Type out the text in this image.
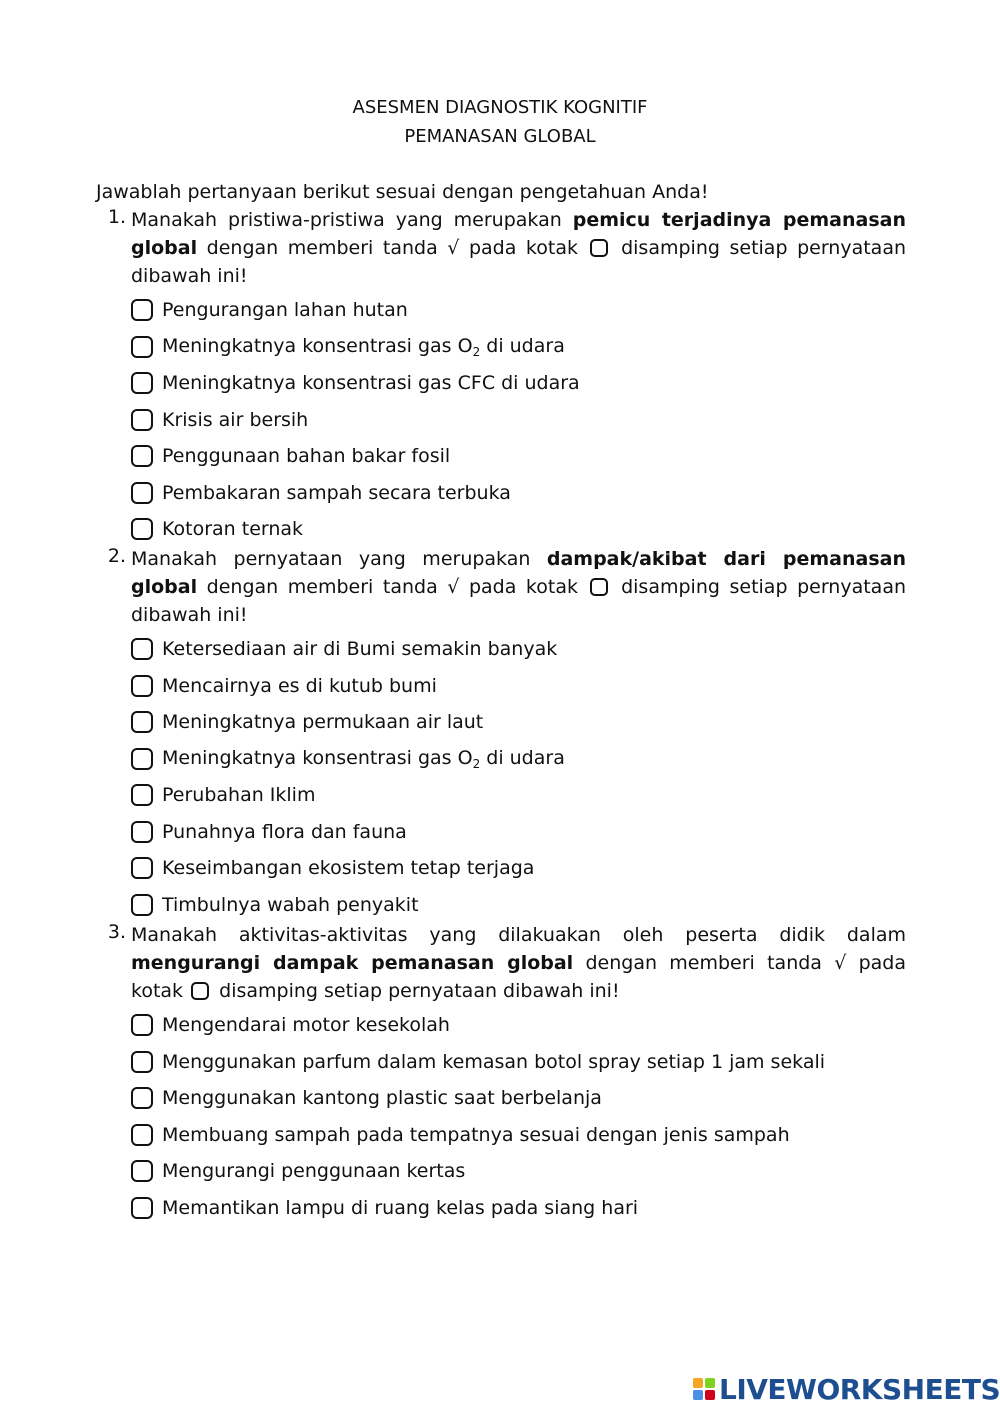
ASESMEN DIAGNOSTIK KOGNITIF
PEMANASAN GLOBAL
Jawablah pertanyaan berikut sesuai dengan pengetahuan Anda!
1. Manakah pristiwa-pristiwa yang merupakan pemicu terjadinya pemanasan global dengan memberi tanda √ pada kotak  disamping setiap pernyataan dibawah ini!
Pengurangan lahan hutan
Meningkatnya konsentrasi gas $O_2$ di udara
Meningkatnya konsentrasi gas CFC di udara
Krisis air bersih
Penggunaan bahan bakar fosil
Pembakaran sampah secara terbuka
Kotoran ternak
2. Manakah pernyataan yang merupakan dampak/akibat dari pemanasan global dengan memberi tanda √ pada kotak  disamping setiap pernyataan dibawah ini!
Ketersediaan air di Bumi semakin banyak
Mencairnya es di kutub bumi
Meningkatnya permukaan air laut
Meningkatnya konsentrasi gas $O_2$ di udara
Perubahan Iklim
Punahnya flora dan fauna
Keseimbangan ekosistem tetap terjaga
Timbulnya wabah penyakit
3. Manakah aktivitas-aktivitas yang dilakuakan oleh peserta didik dalam mengurangi dampak pemanasan global dengan memberi tanda √ pada kotak  disamping setiap pernyataan dibawah ini!
Mengendarai motor kesekolah
Menggunakan parfum dalam kemasan botol spray setiap 1 jam sekali
Menggunakan kantong plastic saat berbelanja
Membuang sampah pada tempatnya sesuai dengan jenis sampah
Mengurangi penggunaan kertas
Memantikan lampu di ruang kelas pada siang hari
LIVEWORKSHEETS
